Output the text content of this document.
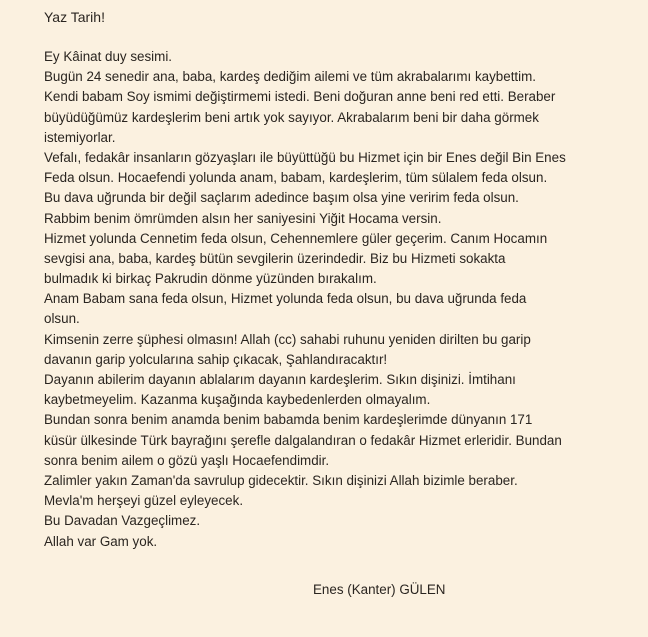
Yaz Tarih!
Ey Kâinat duy sesimi.
Bugün 24 senedir ana, baba, kardeş dediğim ailemi ve tüm akrabalarımı kaybettim.
Kendi babam Soy ismimi değiştirmemi istedi. Beni doğuran anne beni red etti. Beraber
büyüdüğümüz kardeşlerim beni artık yok sayıyor. Akrabalarım beni bir daha görmek
istemiyorlar.
Vefalı, fedakâr insanların gözyaşları ile büyüttüğü bu Hizmet için bir Enes değil Bin Enes
Feda olsun. Hocaefendi yolunda anam, babam, kardeşlerim, tüm sülalem feda olsun.
Bu dava uğrunda bir değil saçlarım adedince başım olsa yine veririm feda olsun.
Rabbim benim ömrümden alsın her saniyesini Yiğit Hocama versin.
Hizmet yolunda Cennetim feda olsun, Cehennemlere güler geçerim. Canım Hocamın
sevgisi ana, baba, kardeş bütün sevgilerin üzerindedir. Biz bu Hizmeti sokakta
bulmadık ki birkaç Pakrudin dönme yüzünden bırakalım.
Anam Babam sana feda olsun, Hizmet yolunda feda olsun, bu dava uğrunda feda
olsun.
Kimsenin zerre şüphesi olmasın! Allah (cc) sahabi ruhunu yeniden dirilten bu garip
davanın garip yolcularına sahip çıkacak, Şahlandıracaktır!
Dayanın abilerim dayanın ablalarım dayanın kardeşlerim. Sıkın dişinizi. İmtihanı
kaybetmeyelim. Kazanma kuşağında kaybedenlerden olmayalım.
Bundan sonra benim anamda benim babamda benim kardeşlerimde dünyanın 171
küsür ülkesinde Türk bayrağını şerefle dalgalandıran o fedakâr Hizmet erleridir. Bundan
sonra benim ailem o gözü yaşlı Hocaefendimdir.
Zalimler yakın Zaman'da savrulup gidecektir. Sıkın dişinizi Allah bizimle beraber.
Mevla'm herşeyi güzel eyleyecek.
Bu Davadan Vazgeçlimez.
Allah var Gam yok.
Enes (Kanter) GÜLEN
